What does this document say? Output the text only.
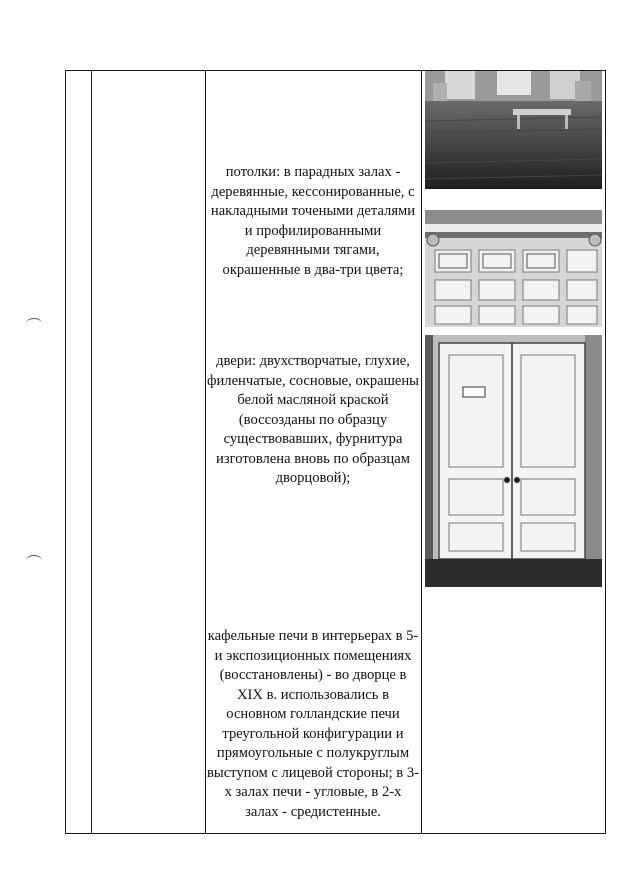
потолки: в парадных залах - деревянные, кессонированные, с накладными точеными деталями и профилированными деревянными тягами, окрашенные в два-три цвета;
двери: двухстворчатые, глухие, филенчатые, сосновые, окрашены белой масляной краской (воссозданы по образцу существовавших, фурнитура изготовлена вновь по образцам дворцовой);
кафельные печи в интерьерах в 5-и экспозиционных помещениях (восстановлены) - во дворце в XIX в. использовались в основном голландские печи треугольной конфигурации и прямоугольные с полукруглым выступом с лицевой стороны; в 3-х залах печи - угловые, в 2-х залах - средистенные.
